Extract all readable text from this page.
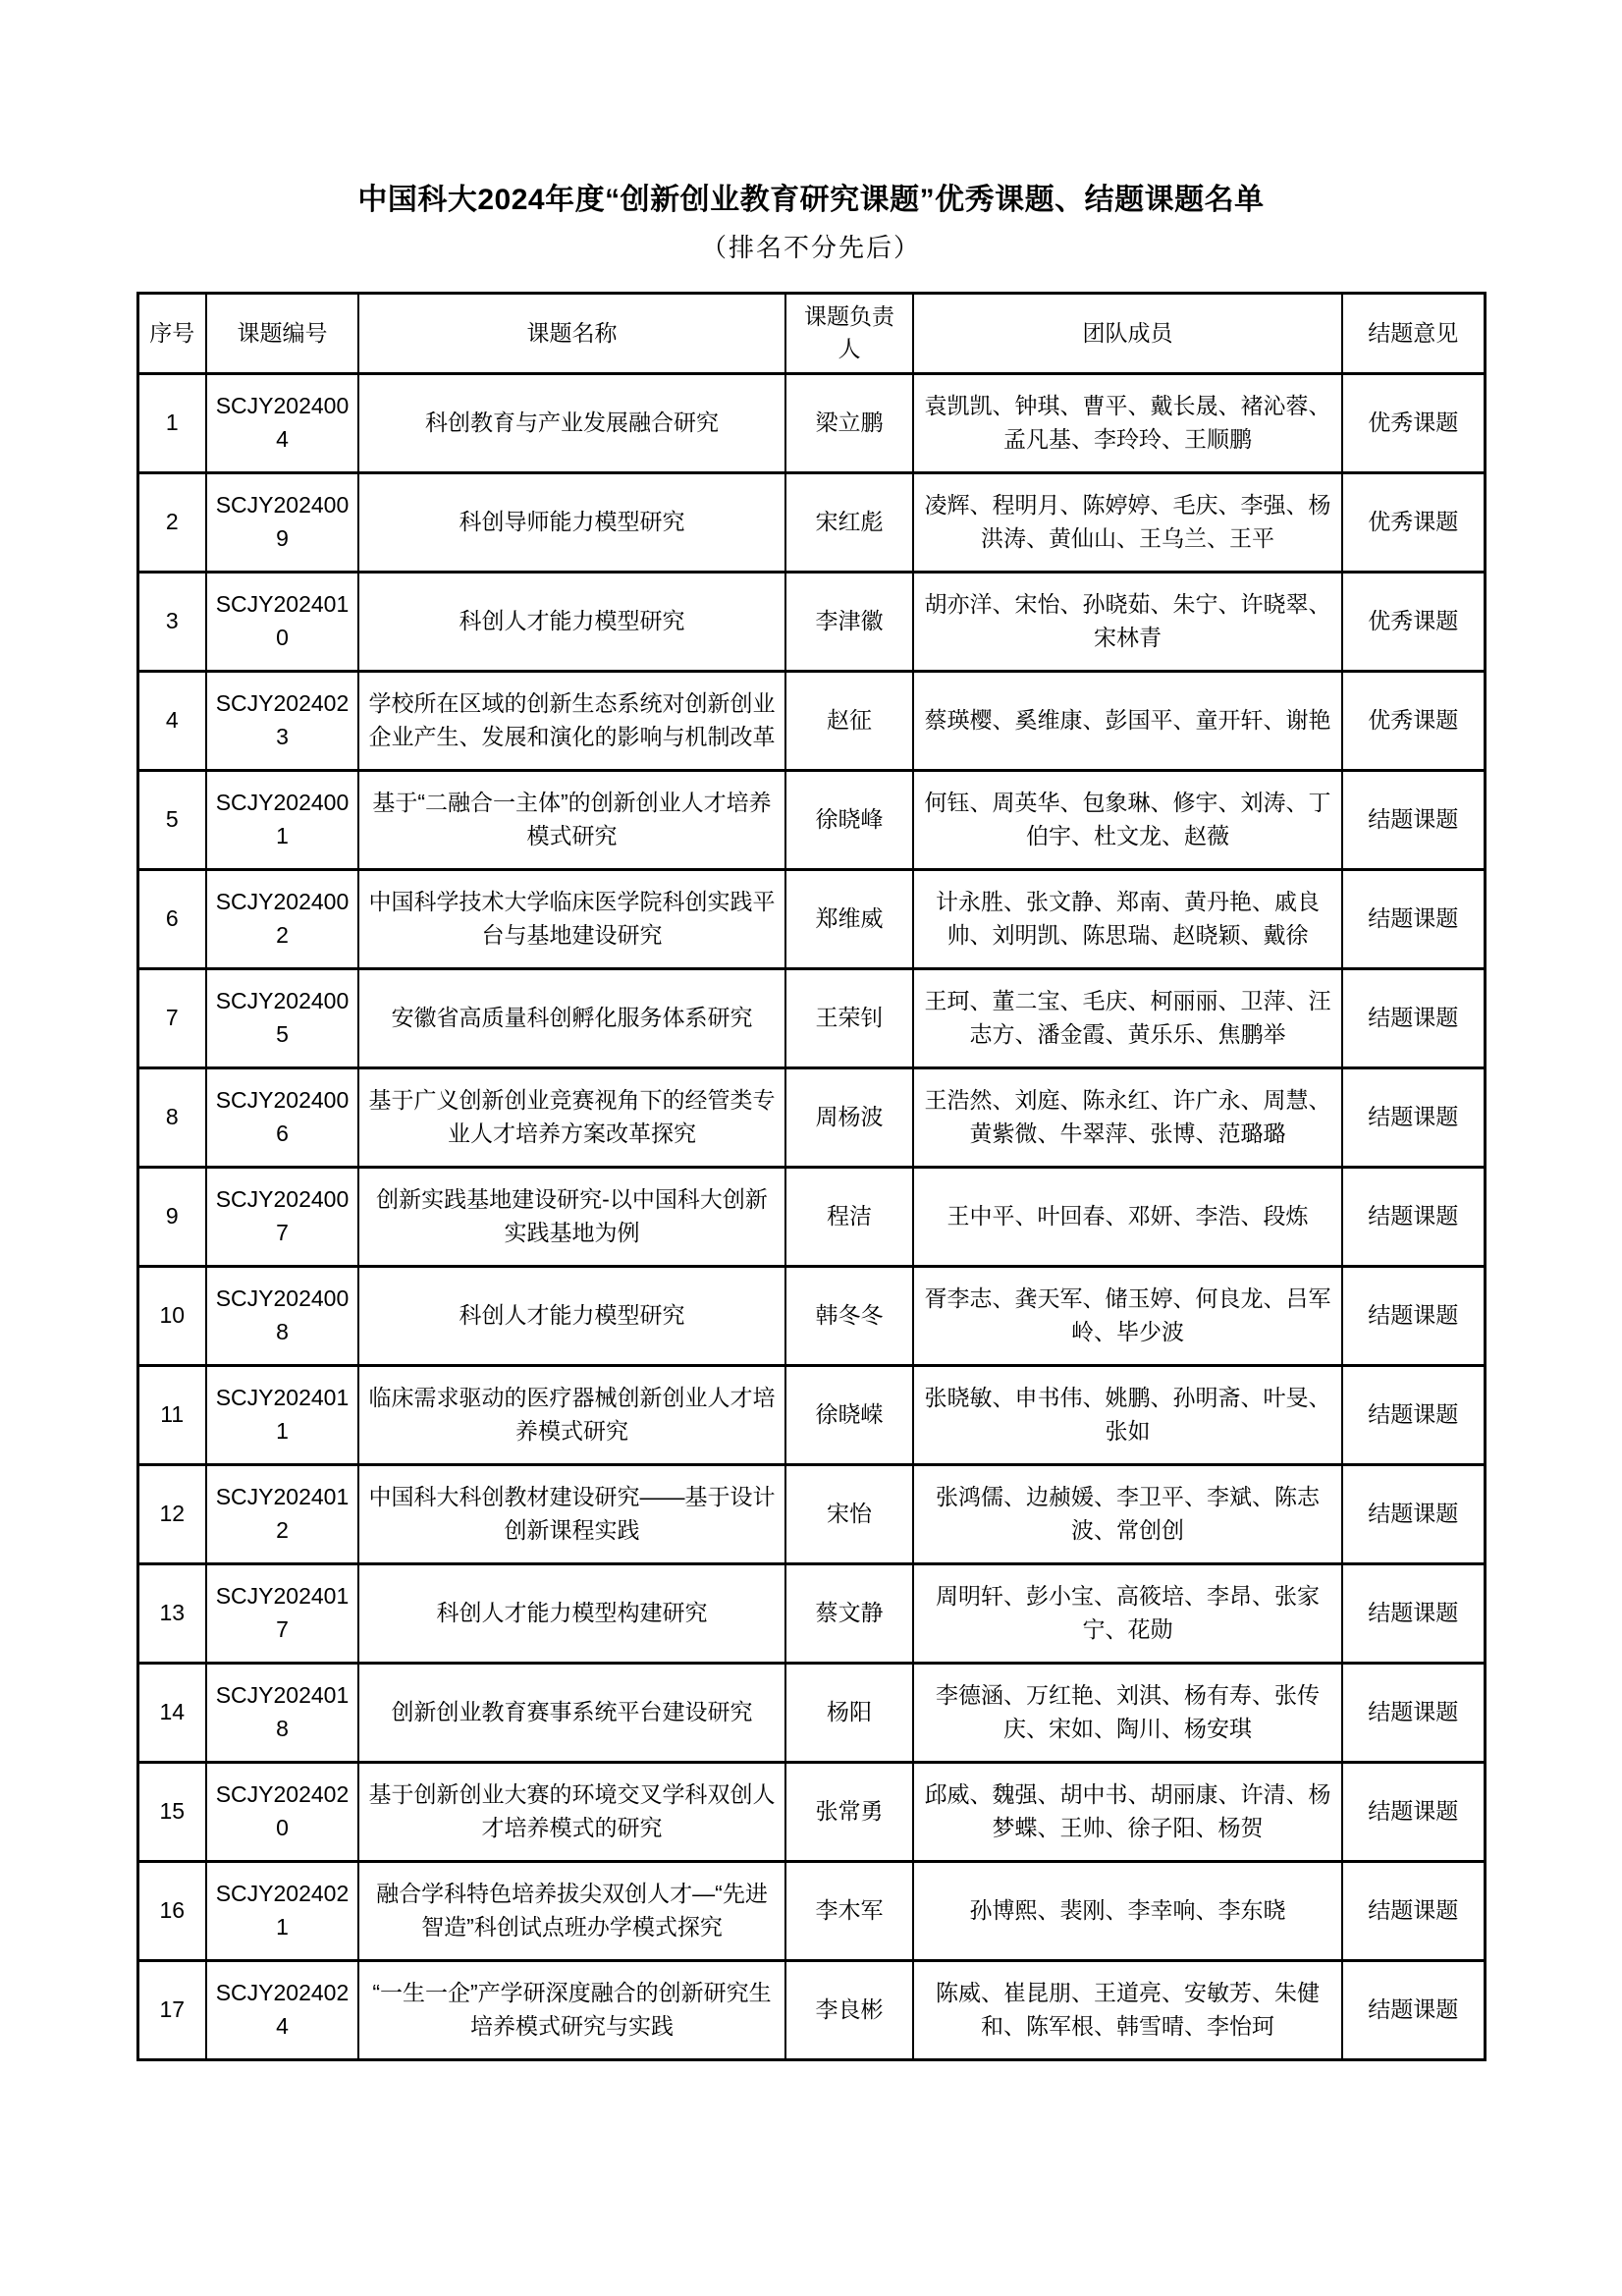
中国科大2024年度“创新创业教育研究课题”优秀课题、结题课题名单
（排名不分先后）
序号	课题编号	课题名称	课题负责人	团队成员	结题意见
1	SCJY2024004	科创教育与产业发展融合研究	梁立鹏	袁凯凯、钟琪、曹平、戴长晟、褚沁蓉、孟凡基、李玲玲、王顺鹏	优秀课题
2	SCJY2024009	科创导师能力模型研究	宋红彪	凌辉、程明月、陈婷婷、毛庆、李强、杨洪涛、黄仙山、王乌兰、王平	优秀课题
3	SCJY2024010	科创人才能力模型研究	李津徽	胡亦洋、宋怡、孙晓茹、朱宁、许晓翠、宋林青	优秀课题
4	SCJY2024023	学校所在区域的创新生态系统对创新创业企业产生、发展和演化的影响与机制改革	赵征	蔡瑛樱、奚维康、彭国平、童开轩、谢艳	优秀课题
5	SCJY2024001	基于“二融合一主体”的创新创业人才培养模式研究	徐晓峰	何钰、周英华、包象琳、修宇、刘涛、丁伯宇、杜文龙、赵薇	结题课题
6	SCJY2024002	中国科学技术大学临床医学院科创实践平台与基地建设研究	郑维威	计永胜、张文静、郑南、黄丹艳、戚良帅、刘明凯、陈思瑞、赵晓颖、戴徐	结题课题
7	SCJY2024005	安徽省高质量科创孵化服务体系研究	王荣钊	王珂、董二宝、毛庆、柯丽丽、卫萍、汪志方、潘金霞、黄乐乐、焦鹏举	结题课题
8	SCJY2024006	基于广义创新创业竞赛视角下的经管类专业人才培养方案改革探究	周杨波	王浩然、刘庭、陈永红、许广永、周慧、黄紫微、牛翠萍、张博、范璐璐	结题课题
9	SCJY2024007	创新实践基地建设研究-以中国科大创新实践基地为例	程洁	王中平、叶回春、邓妍、李浩、段炼	结题课题
10	SCJY2024008	科创人才能力模型研究	韩冬冬	胥李志、龚天军、储玉婷、何良龙、吕军岭、毕少波	结题课题
11	SCJY2024011	临床需求驱动的医疗器械创新创业人才培养模式研究	徐晓嵘	张晓敏、申书伟、姚鹏、孙明斋、叶旻、张如	结题课题
12	SCJY2024012	中国科大科创教材建设研究——基于设计创新课程实践	宋怡	张鸿儒、边赪媛、李卫平、李斌、陈志波、常创创	结题课题
13	SCJY2024017	科创人才能力模型构建研究	蔡文静	周明轩、彭小宝、高筱培、李昂、张家宁、花勋	结题课题
14	SCJY2024018	创新创业教育赛事系统平台建设研究	杨阳	李德涵、万红艳、刘淇、杨有寿、张传庆、宋如、陶川、杨安琪	结题课题
15	SCJY2024020	基于创新创业大赛的环境交叉学科双创人才培养模式的研究	张常勇	邱威、魏强、胡中书、胡丽康、许清、杨梦蝶、王帅、徐子阳、杨贺	结题课题
16	SCJY2024021	融合学科特色培养拔尖双创人才—“先进智造”科创试点班办学模式探究	李木军	孙博熙、裴刚、李幸响、李东晓	结题课题
17	SCJY2024024	“一生一企”产学研深度融合的创新研究生培养模式研究与实践	李良彬	陈威、崔昆朋、王道亮、安敏芳、朱健和、陈军根、韩雪晴、李怡珂	结题课题
